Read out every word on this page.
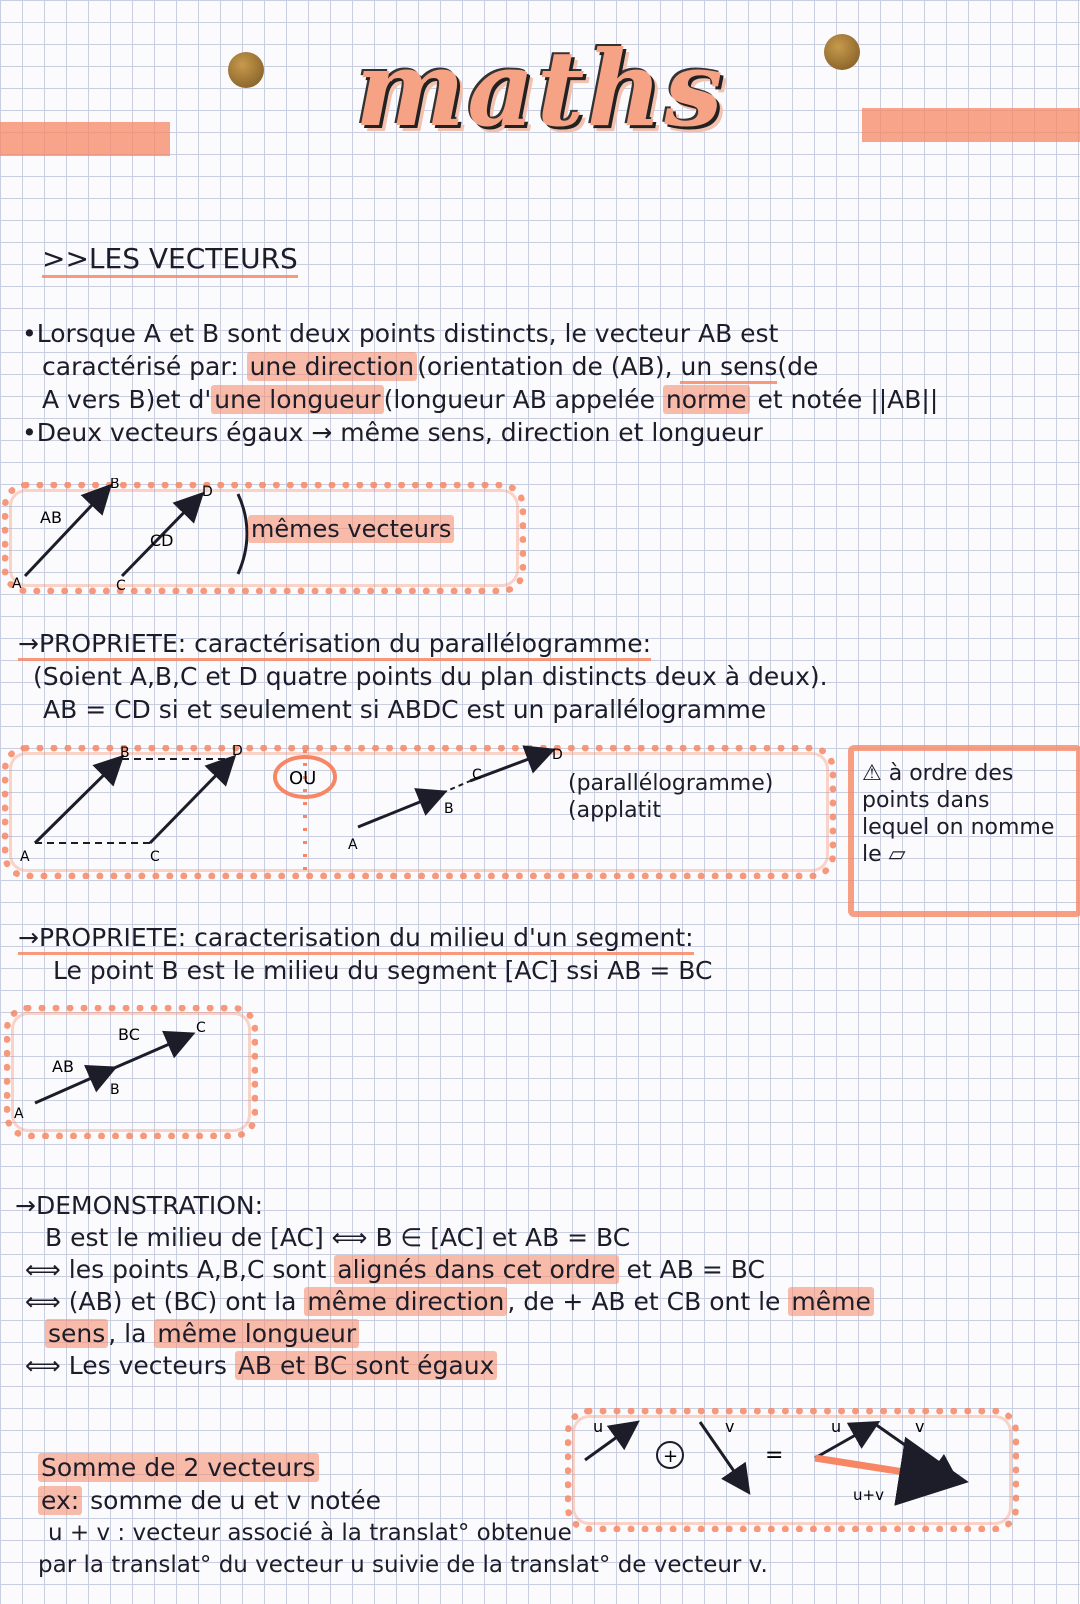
maths
>>LES VECTEURS
•Lorsque A et B sont deux points distincts, le vecteur AB est
caractérisé par: une direction (orientation de (AB), un sens(de
A vers B)et d' une longueur (longueur AB appelée norme et notée ||AB||
•Deux vecteurs égaux → même sens, direction et longueur
AB
CD
A
B
C
D
mêmes vecteurs
→PROPRIETE: caractérisation du parallélogramme:
(Soient A,B,C et D quatre points du plan distincts deux à deux).
AB = CD si et seulement si ABDC est un parallélogramme
A
B
C
D
OU
A
B
C
D
(parallélogramme)
(applatit
⚠ à ordre des
points dans
lequel on nomme
le ▱
→PROPRIETE: caracterisation du milieu d'un segment:
Le point B est le milieu du segment [AC] ssi AB = BC
AB
BC
A
B
C
→DEMONSTRATION:
B est le milieu de [AC] ⟺ B ∈ [AC] et AB = BC
⟺ les points A,B,C sont alignés dans cet ordre et AB = BC
⟺ (AB) et (BC) ont la même direction , de + AB et CB ont le même
sens , la même longueur
⟺ Les vecteurs AB et BC sont égaux
u
+
v
=
u	v
u+v
Somme de 2 vecteurs
ex: somme de u et v notée
u + v : vecteur associé à la translat° obtenue
par la translat° du vecteur u suivie de la translat° de vecteur v.
